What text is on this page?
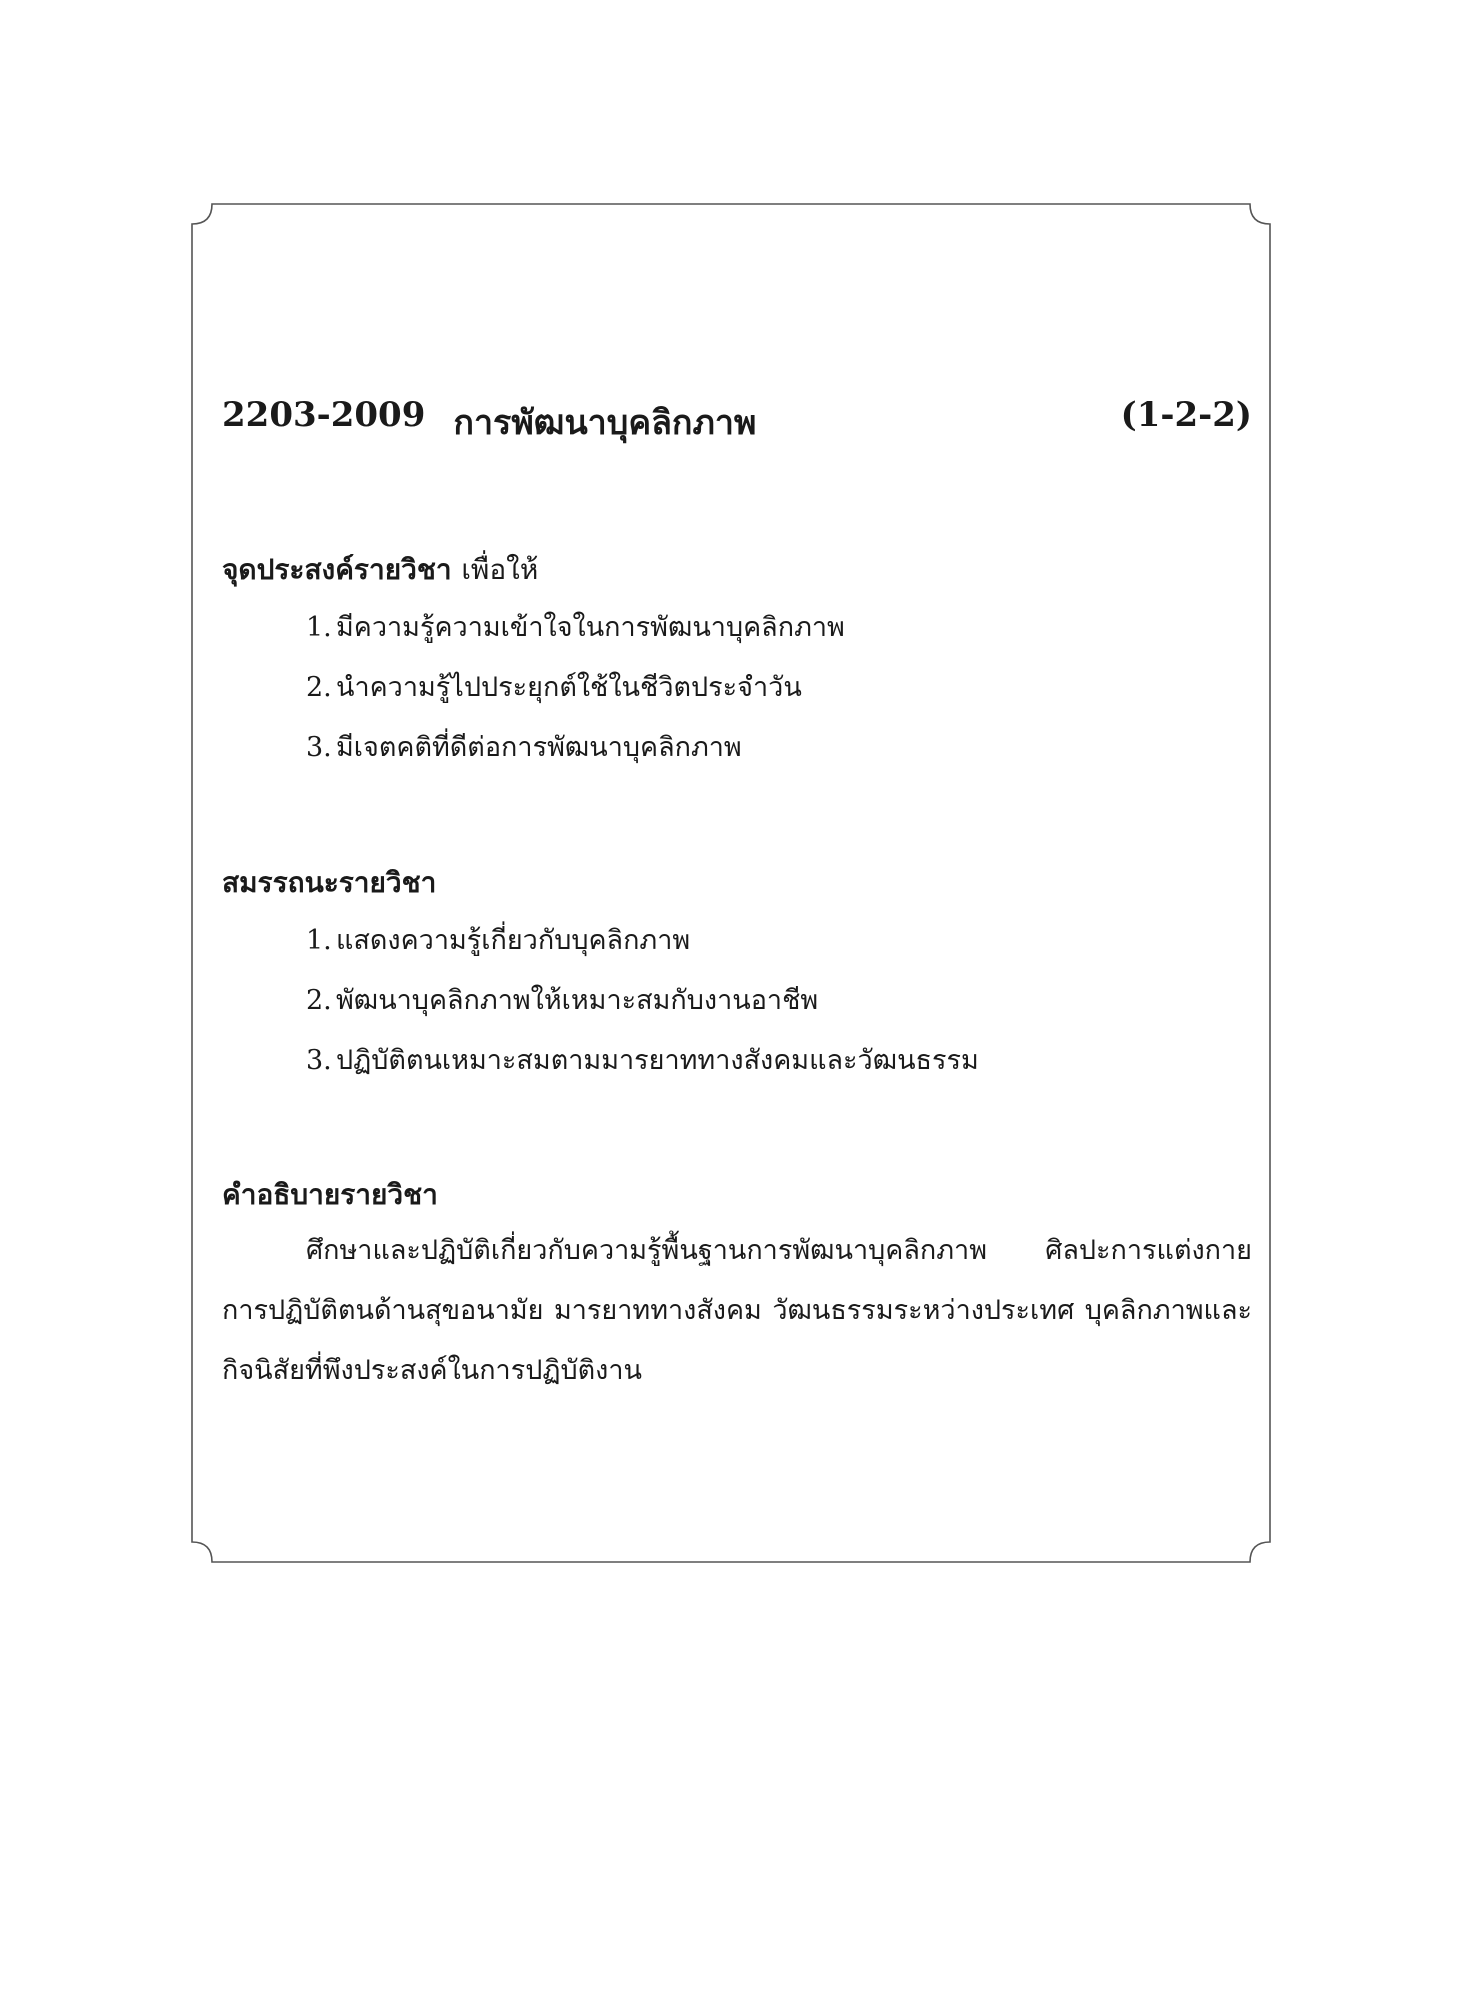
2203-2009 การพัฒนาบุคลิกภาพ	(1-2-2)
จุดประสงค์รายวิชา เพื่อให้
1. มีความรู้ความเข้าใจในการพัฒนาบุคลิกภาพ
2. นำความรู้ไปประยุกต์ใช้ในชีวิตประจำวัน
3. มีเจตคติที่ดีต่อการพัฒนาบุคลิกภาพ
สมรรถนะรายวิชา
1. แสดงความรู้เกี่ยวกับบุคลิกภาพ
2. พัฒนาบุคลิกภาพให้เหมาะสมกับงานอาชีพ
3. ปฏิบัติตนเหมาะสมตามมารยาททางสังคมและวัฒนธรรม
คำอธิบายรายวิชา

ศึกษาและปฏิบัติเกี่ยวกับความรู้พื้นฐานการพัฒนาบุคลิกภาพ ศิลปะการแต่งกาย การปฏิบัติตนด้านสุขอนามัย มารยาททางสังคม วัฒนธรรมระหว่างประเทศ บุคลิกภาพและกิจนิสัยที่พึงประสงค์ในการปฏิบัติงาน
